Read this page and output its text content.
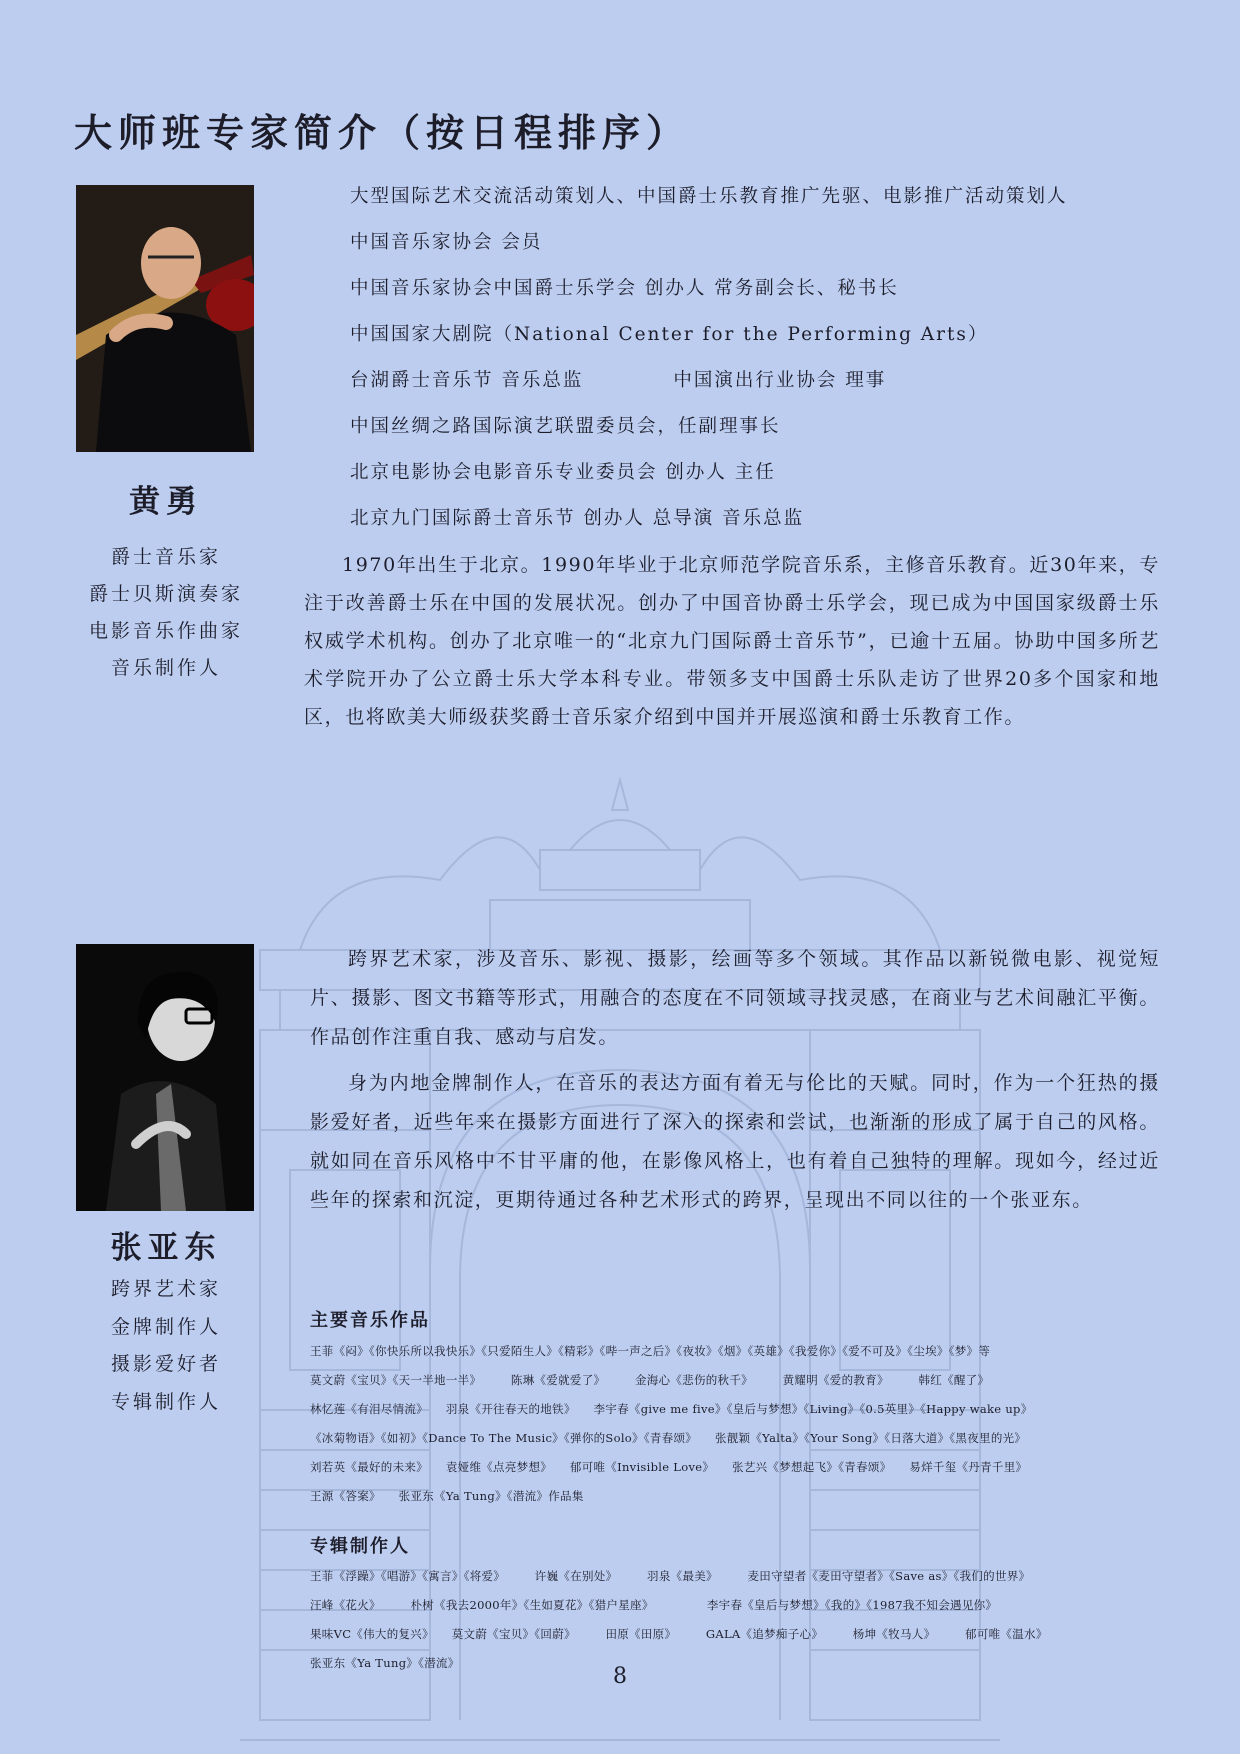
大师班专家简介（按日程排序）

黄勇

爵士音乐家

爵士贝斯演奏家

电影音乐作曲家

音乐制作人

大型国际艺术交流活动策划人、中国爵士乐教育推广先驱、电影推广活动策划人
中国音乐家协会 会员
中国音乐家协会中国爵士乐学会 创办人 常务副会长、秘书长
中国国家大剧院（National Center for the Performing Arts）
台湖爵士音乐节 音乐总监	中国演出行业协会 理事
中国丝绸之路国际演艺联盟委员会，任副理事长
北京电影协会电影音乐专业委员会 创办人 主任
北京九门国际爵士音乐节 创办人 总导演 音乐总监

1970年出生于北京。1990年毕业于北京师范学院音乐系，主修音乐教育。近30年来，专注于改善爵士乐在中国的发展状况。创办了中国音协爵士乐学会，现已成为中国国家级爵士乐权威学术机构。创办了北京唯一的“北京九门国际爵士音乐节”，已逾十五届。协助中国多所艺术学院开办了公立爵士乐大学本科专业。带领多支中国爵士乐队走访了世界20多个国家和地区，也将欧美大师级获奖爵士音乐家介绍到中国并开展巡演和爵士乐教育工作。

张亚东

跨界艺术家

金牌制作人

摄影爱好者

专辑制作人

跨界艺术家，涉及音乐、影视、摄影，绘画等多个领域。其作品以新锐微电影、视觉短片、摄影、图文书籍等形式，用融合的态度在不同领域寻找灵感，在商业与艺术间融汇平衡。作品创作注重自我、感动与启发。

身为内地金牌制作人，在音乐的表达方面有着无与伦比的天赋。同时，作为一个狂热的摄影爱好者，近些年来在摄影方面进行了深入的探索和尝试，也渐渐的形成了属于自己的风格。就如同在音乐风格中不甘平庸的他，在影像风格上，也有着自己独特的理解。现如今，经过近些年的探索和沉淀，更期待通过各种艺术形式的跨界，呈现出不同以往的一个张亚东。

主要音乐作品
王菲《闷》《你快乐所以我快乐》《只爱陌生人》《精彩》《哔一声之后》《夜妆》《烟》《英雄》《我爱你》《爱不可及》《尘埃》《梦》等
莫文蔚《宝贝》《天一半地一半》　　　陈琳《爱就爱了》　　　金海心《悲伤的秋千》　　　黄耀明《爱的教育》　　　韩红《醒了》
林忆莲《有泪尽情流》　　羽泉《开往春天的地铁》　　李宇春《give me five》《皇后与梦想》《Living》《0.5英里》《Happy wake up》
《冰菊物语》《如初》《Dance To The Music》《弹你的Solo》《青春颂》　　张靓颖《Yalta》《Your Song》《日落大道》《黑夜里的光》
刘若英《最好的未来》　　袁娅维《点亮梦想》　　郁可唯《Invisible Love》　　张艺兴《梦想起飞》《青春颂》　　易烊千玺《丹青千里》
王源《答案》　　张亚东《Ya Tung》《潜流》作品集
专辑制作人
王菲《浮躁》《唱游》《寓言》《将爱》　　　许巍《在别处》　　　羽泉《最美》　　　麦田守望者《麦田守望者》《Save as》《我们的世界》
汪峰《花火》　　　朴树《我去2000年》《生如夏花》《猎户星座》　　　　　李宇春《皇后与梦想》《我的》《1987我不知会遇见你》
果味VC《伟大的复兴》　　莫文蔚《宝贝》《回蔚》　　　田原《田原》　　　GALA《追梦痴子心》　　　杨坤《牧马人》　　　郁可唯《温水》
张亚东《Ya Tung》《潜流》

8
